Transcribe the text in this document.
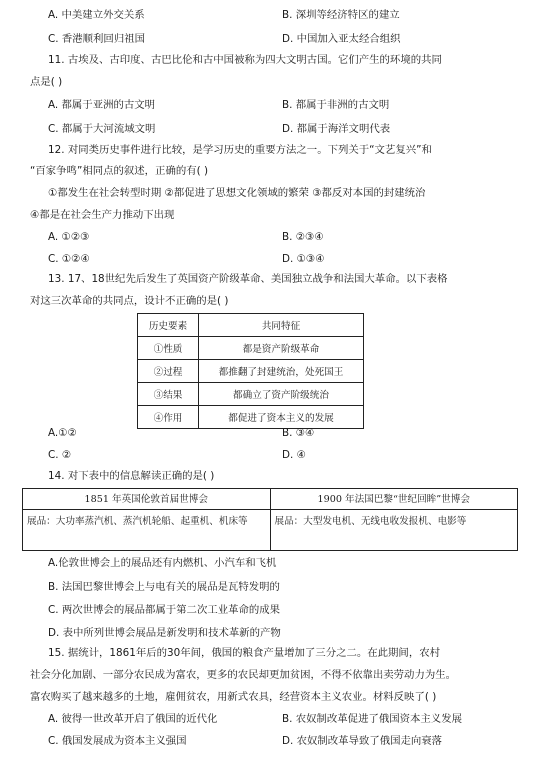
A. 中美建立外交关系	B. 深圳等经济特区的建立
C. 香港顺利回归祖国	D. 中国加入亚太经合组织
11. 古埃及、古印度、古巴比伦和古中国被称为四大文明古国。它们产生的环境的共同
点是( )
A. 都属于亚洲的古文明	B. 都属于非洲的古文明
C. 都属于大河流域文明	D. 都属于海洋文明代表
12. 对同类历史事件进行比较，是学习历史的重要方法之一。下列关于“文艺复兴”和
“百家争鸣”相同点的叙述，正确的有( )
①都发生在社会转型时期 ②都促进了思想文化领域的繁荣 ③都反对本国的封建统治
④都是在社会生产力推动下出现
A. ①②③	B. ②③④
C. ①②④	D. ①③④
13. 17、18世纪先后发生了英国资产阶级革命、美国独立战争和法国大革命。以下表格
对这三次革命的共同点，设计不正确的是( )
历史要素	共同特征
①性质	都是资产阶级革命
②过程	都推翻了封建统治，处死国王
③结果	都确立了资产阶级统治
④作用	都促进了资本主义的发展
A.①②	B. ③④
C. ②	D. ④
14. 对下表中的信息解读正确的是( )
1851 年英国伦敦首届世博会	1900 年法国巴黎“世纪回眸”世博会
展品：大功率蒸汽机、蒸汽机轮船、起重机、机床等	展品：大型发电机、无线电收发报机、电影等
A.伦敦世博会上的展品还有内燃机、小汽车和飞机
B. 法国巴黎世博会上与电有关的展品是瓦特发明的
C. 两次世博会的展品都属于第二次工业革命的成果
D. 表中所列世博会展品是新发明和技术革新的产物
15. 据统计，1861年后的30年间，俄国的粮食产量增加了三分之二。在此期间，农村
社会分化加剧、一部分农民成为富农，更多的农民却更加贫困，不得不依靠出卖劳动力为生。
富农购买了越来越多的土地，雇佣贫农，用新式农具，经营资本主义农业。材料反映了( )
A. 彼得一世改革开启了俄国的近代化	B. 农奴制改革促进了俄国资本主义发展
C. 俄国发展成为资本主义强国	D. 农奴制改革导致了俄国走向衰落
